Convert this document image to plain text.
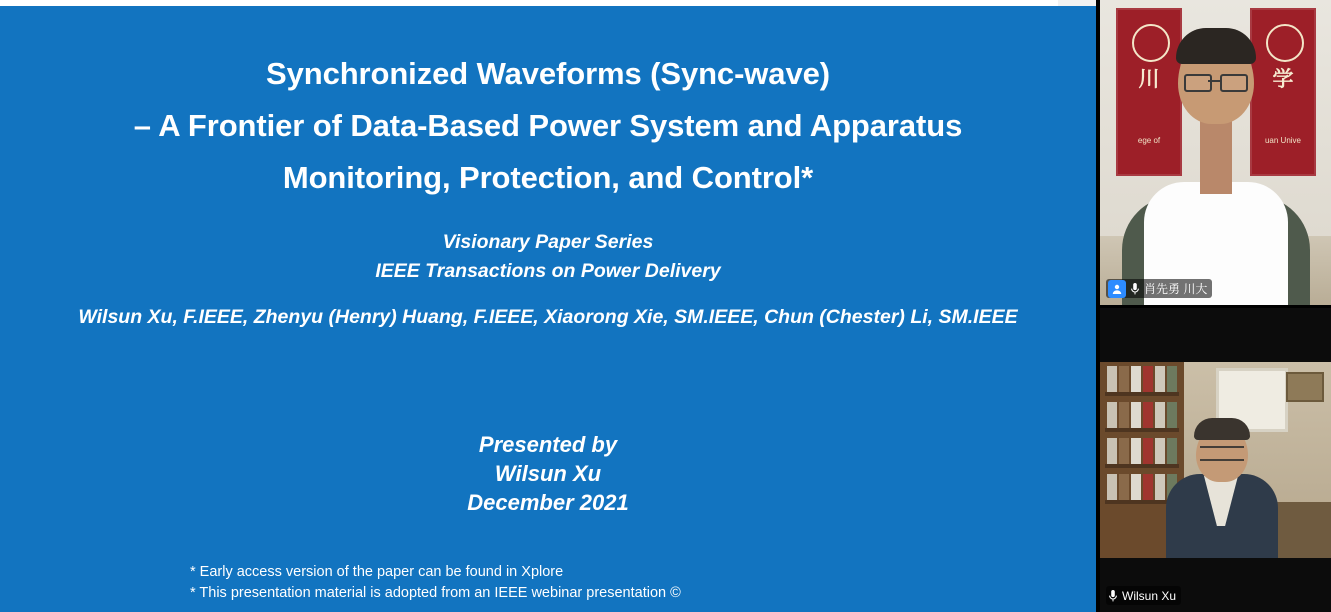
Synchronized Waveforms (Sync-wave)
– A Frontier of Data-Based Power System and Apparatus
Monitoring, Protection, and Control*
Visionary Paper Series
IEEE Transactions on Power Delivery
Wilsun Xu, F.IEEE, Zhenyu (Henry) Huang, F.IEEE, Xiaorong Xie, SM.IEEE, Chun (Chester) Li, SM.IEEE
Presented by
Wilsun Xu
December 2021
* Early access version of the paper can be found in Xplore
* This presentation material is adopted from an IEEE webinar presentation ©
川
ege of
学
uan Unive
肖先勇 川大
Wilsun Xu
